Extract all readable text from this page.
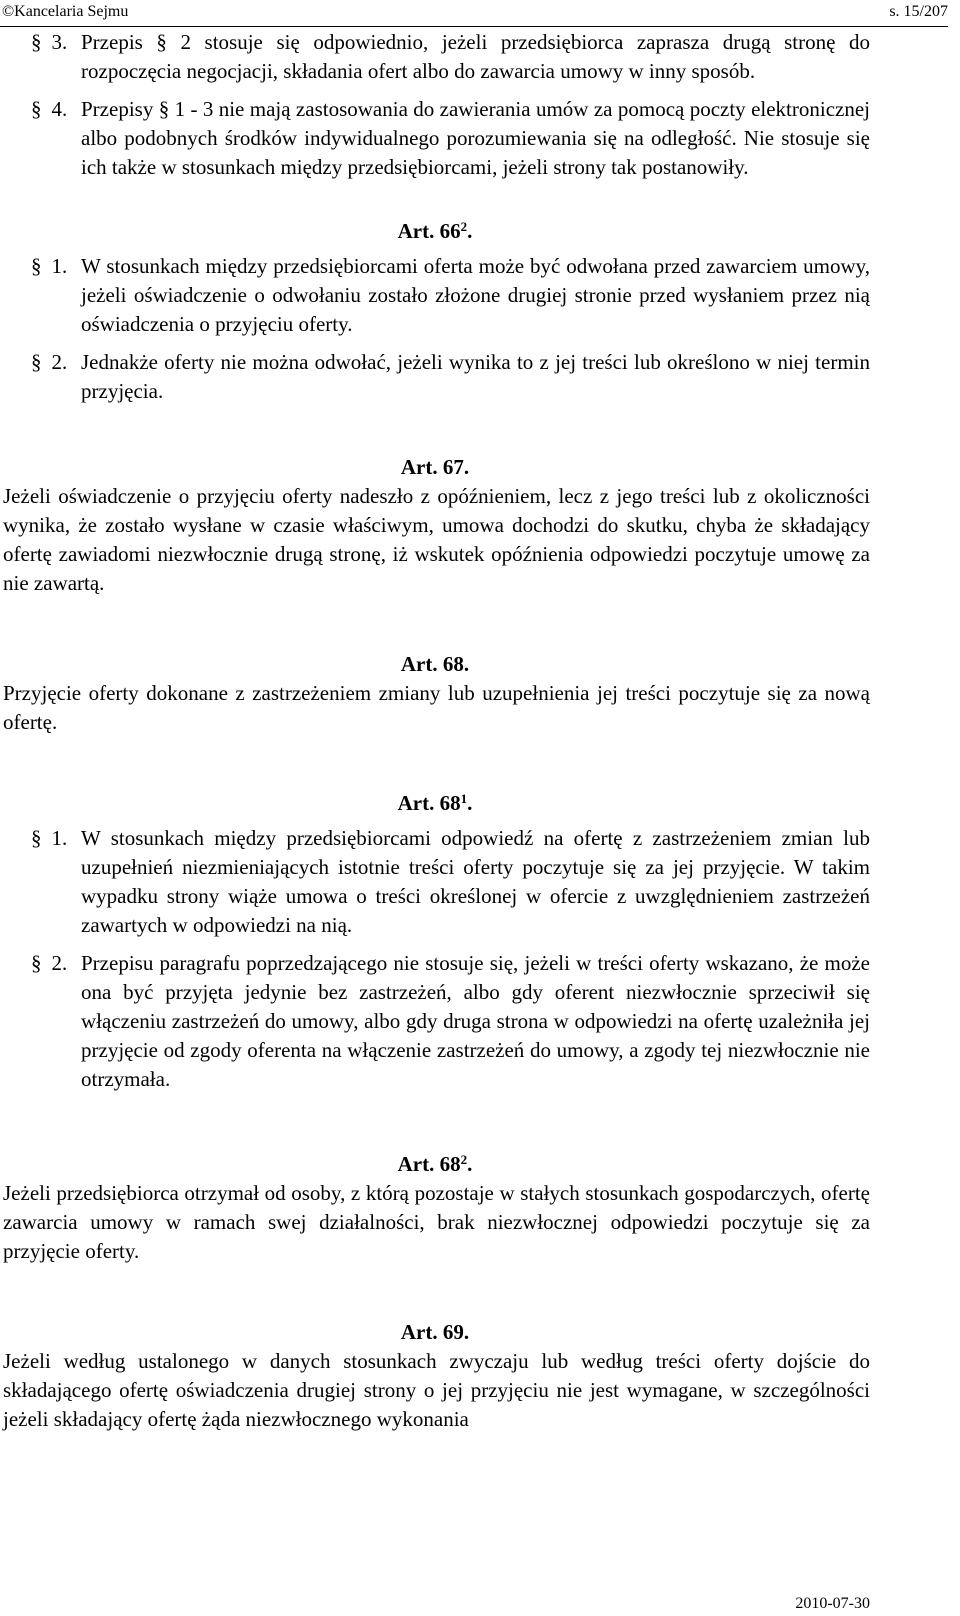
©Kancelaria Sejmu	s. 15/207
§ 3. Przepis § 2 stosuje się odpowiednio, jeżeli przedsiębiorca zaprasza drugą stronę do rozpoczęcia negocjacji, składania ofert albo do zawarcia umowy w inny sposób.
§ 4. Przepisy § 1 - 3 nie mają zastosowania do zawierania umów za pomocą poczty elektronicznej albo podobnych środków indywidualnego porozumiewania się na odległość. Nie stosuje się ich także w stosunkach między przedsiębiorcami, jeżeli strony tak postanowiły.
Art. $66^2$.
§ 1. W stosunkach między przedsiębiorcami oferta może być odwołana przed zawarciem umowy, jeżeli oświadczenie o odwołaniu zostało złożone drugiej stronie przed wysłaniem przez nią oświadczenia o przyjęciu oferty.
§ 2. Jednakże oferty nie można odwołać, jeżeli wynika to z jej treści lub określono w niej termin przyjęcia.
Art. 67.

Jeżeli oświadczenie o przyjęciu oferty nadeszło z opóźnieniem, lecz z jego treści lub z okoliczności wynika, że zostało wysłane w czasie właściwym, umowa dochodzi do skutku, chyba że składający ofertę zawiadomi niezwłocznie drugą stronę, iż wskutek opóźnienia odpowiedzi poczytuje umowę za nie zawartą.

Art. 68.

Przyjęcie oferty dokonane z zastrzeżeniem zmiany lub uzupełnienia jej treści poczytuje się za nową ofertę.

Art. $68^1$.
§ 1. W stosunkach między przedsiębiorcami odpowiedź na ofertę z zastrzeżeniem zmian lub uzupełnień niezmieniających istotnie treści oferty poczytuje się za jej przyjęcie. W takim wypadku strony wiąże umowa o treści określonej w ofercie z uwzględnieniem zastrzeżeń zawartych w odpowiedzi na nią.
§ 2. Przepisu paragrafu poprzedzającego nie stosuje się, jeżeli w treści oferty wskazano, że może ona być przyjęta jedynie bez zastrzeżeń, albo gdy oferent niezwłocznie sprzeciwił się włączeniu zastrzeżeń do umowy, albo gdy druga strona w odpowiedzi na ofertę uzależniła jej przyjęcie od zgody oferenta na włączenie zastrzeżeń do umowy, a zgody tej niezwłocznie nie otrzymała.
Art. $68^2$.

Jeżeli przedsiębiorca otrzymał od osoby, z którą pozostaje w stałych stosunkach gospodarczych, ofertę zawarcia umowy w ramach swej działalności, brak niezwłocznej odpowiedzi poczytuje się za przyjęcie oferty.

Art. 69.

Jeżeli według ustalonego w danych stosunkach zwyczaju lub według treści oferty dojście do składającego ofertę oświadczenia drugiej strony o jej przyjęciu nie jest wymagane, w szczególności jeżeli składający ofertę żąda niezwłocznego wykonania

2010-07-30
